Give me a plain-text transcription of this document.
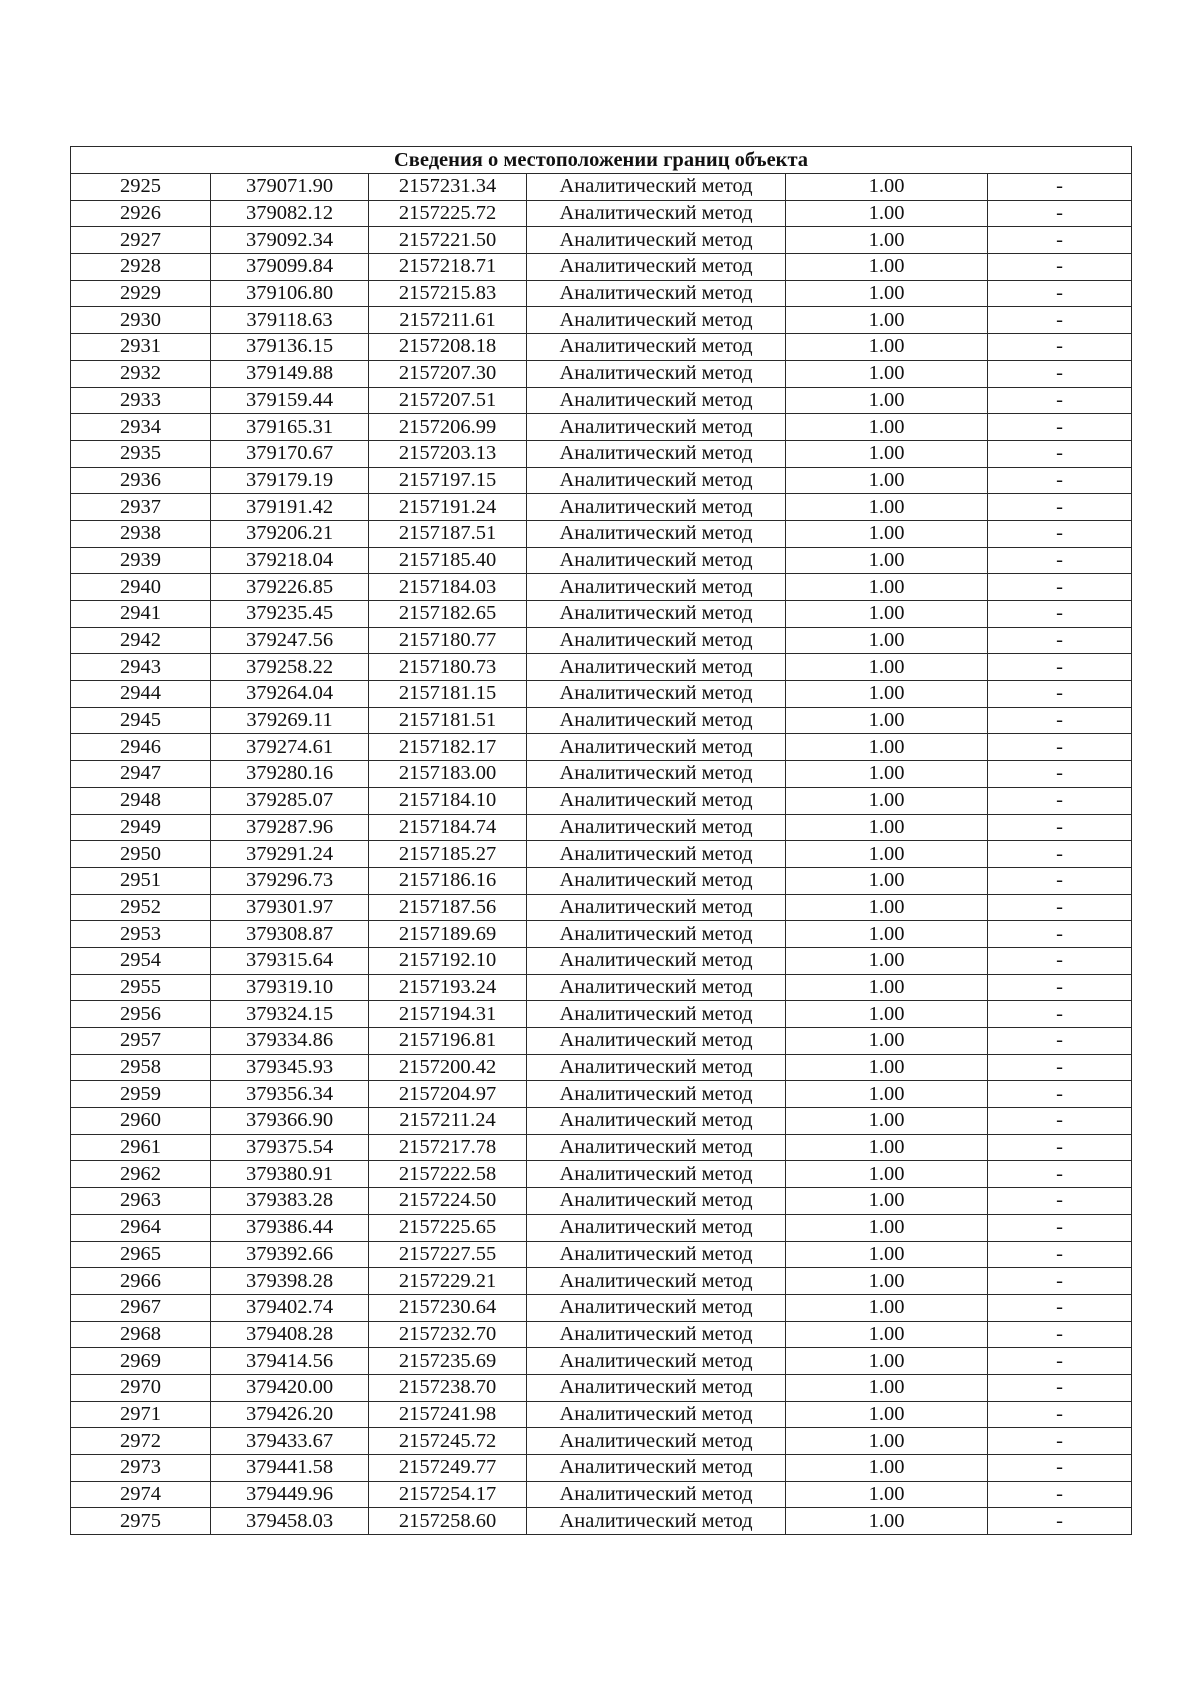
Сведения о местоположении границ объекта					
2925	379071.90	2157231.34	Аналитический метод	1.00	-
2926	379082.12	2157225.72	Аналитический метод	1.00	-
2927	379092.34	2157221.50	Аналитический метод	1.00	-
2928	379099.84	2157218.71	Аналитический метод	1.00	-
2929	379106.80	2157215.83	Аналитический метод	1.00	-
2930	379118.63	2157211.61	Аналитический метод	1.00	-
2931	379136.15	2157208.18	Аналитический метод	1.00	-
2932	379149.88	2157207.30	Аналитический метод	1.00	-
2933	379159.44	2157207.51	Аналитический метод	1.00	-
2934	379165.31	2157206.99	Аналитический метод	1.00	-
2935	379170.67	2157203.13	Аналитический метод	1.00	-
2936	379179.19	2157197.15	Аналитический метод	1.00	-
2937	379191.42	2157191.24	Аналитический метод	1.00	-
2938	379206.21	2157187.51	Аналитический метод	1.00	-
2939	379218.04	2157185.40	Аналитический метод	1.00	-
2940	379226.85	2157184.03	Аналитический метод	1.00	-
2941	379235.45	2157182.65	Аналитический метод	1.00	-
2942	379247.56	2157180.77	Аналитический метод	1.00	-
2943	379258.22	2157180.73	Аналитический метод	1.00	-
2944	379264.04	2157181.15	Аналитический метод	1.00	-
2945	379269.11	2157181.51	Аналитический метод	1.00	-
2946	379274.61	2157182.17	Аналитический метод	1.00	-
2947	379280.16	2157183.00	Аналитический метод	1.00	-
2948	379285.07	2157184.10	Аналитический метод	1.00	-
2949	379287.96	2157184.74	Аналитический метод	1.00	-
2950	379291.24	2157185.27	Аналитический метод	1.00	-
2951	379296.73	2157186.16	Аналитический метод	1.00	-
2952	379301.97	2157187.56	Аналитический метод	1.00	-
2953	379308.87	2157189.69	Аналитический метод	1.00	-
2954	379315.64	2157192.10	Аналитический метод	1.00	-
2955	379319.10	2157193.24	Аналитический метод	1.00	-
2956	379324.15	2157194.31	Аналитический метод	1.00	-
2957	379334.86	2157196.81	Аналитический метод	1.00	-
2958	379345.93	2157200.42	Аналитический метод	1.00	-
2959	379356.34	2157204.97	Аналитический метод	1.00	-
2960	379366.90	2157211.24	Аналитический метод	1.00	-
2961	379375.54	2157217.78	Аналитический метод	1.00	-
2962	379380.91	2157222.58	Аналитический метод	1.00	-
2963	379383.28	2157224.50	Аналитический метод	1.00	-
2964	379386.44	2157225.65	Аналитический метод	1.00	-
2965	379392.66	2157227.55	Аналитический метод	1.00	-
2966	379398.28	2157229.21	Аналитический метод	1.00	-
2967	379402.74	2157230.64	Аналитический метод	1.00	-
2968	379408.28	2157232.70	Аналитический метод	1.00	-
2969	379414.56	2157235.69	Аналитический метод	1.00	-
2970	379420.00	2157238.70	Аналитический метод	1.00	-
2971	379426.20	2157241.98	Аналитический метод	1.00	-
2972	379433.67	2157245.72	Аналитический метод	1.00	-
2973	379441.58	2157249.77	Аналитический метод	1.00	-
2974	379449.96	2157254.17	Аналитический метод	1.00	-
2975	379458.03	2157258.60	Аналитический метод	1.00	-
